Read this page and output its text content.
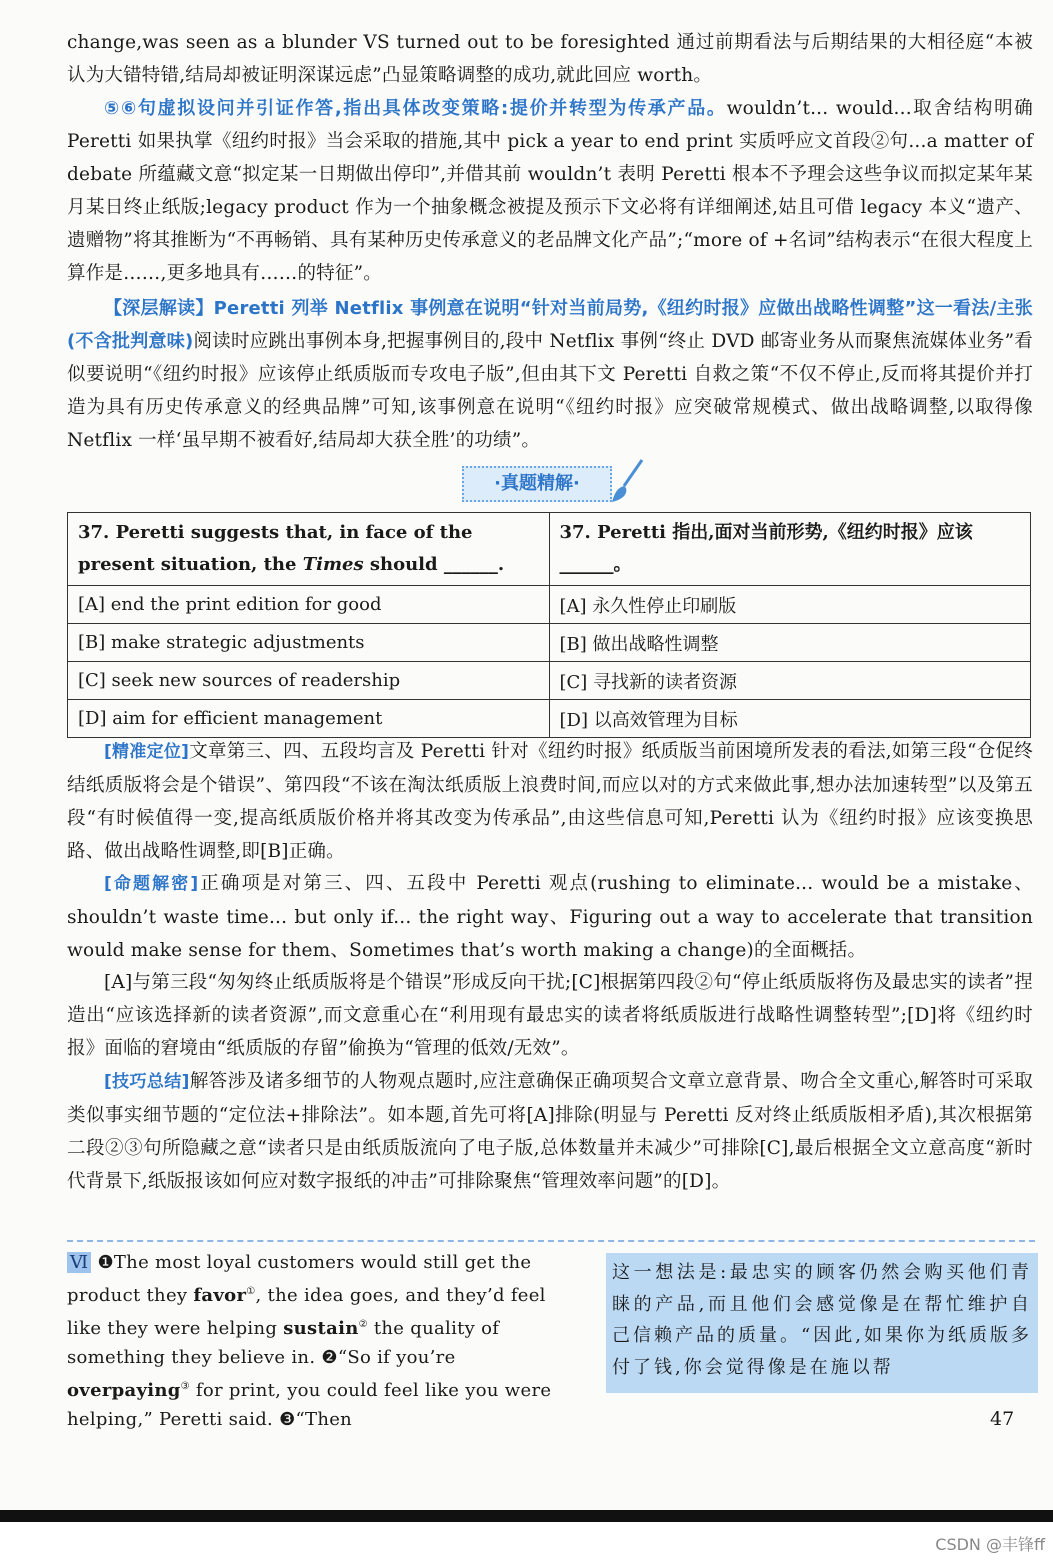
change,was seen as a blunder VS turned out to be foresighted 通过前期看法与后期结果的大相径庭“本被认为大错特错,结局却被证明深谋远虑”凸显策略调整的成功,就此回应 worth。
⑤⑥句虚拟设问并引证作答,指出具体改变策略:提价并转型为传承产品。wouldn’t... would...取舍结构明确 Peretti 如果执掌《纽约时报》当会采取的措施,其中 pick a year to end print 实质呼应文首段②句...a matter of debate 所蕴藏文意“拟定某一日期做出停印”,并借其前 wouldn’t 表明 Peretti 根本不予理会这些争议而拟定某年某月某日终止纸版;legacy product 作为一个抽象概念被提及预示下文必将有详细阐述,姑且可借 legacy 本义“遗产、遗赠物”将其推断为“不再畅销、具有某种历史传承意义的老品牌文化产品”;“more of +名词”结构表示“在很大程度上算作是……,更多地具有……的特征”。
【深层解读】Peretti 列举 Netflix 事例意在说明“针对当前局势,《纽约时报》应做出战略性调整”这一看法/主张(不含批判意味)阅读时应跳出事例本身,把握事例目的,段中 Netflix 事例“终止 DVD 邮寄业务从而聚焦流媒体业务”看似要说明“《纽约时报》应该停止纸质版而专攻电子版”,但由其下文 Peretti 自救之策“不仅不停止,反而将其提价并打造为具有历史传承意义的经典品牌”可知,该事例意在说明“《纽约时报》应突破常规模式、做出战略调整,以取得像 Netflix 一样‘虽早期不被看好,结局却大获全胜’的功绩”。
·真题精解·
37. Peretti suggests that, in face of the present situation, the Times should ______.	37. Peretti 指出,面对当前形势,《纽约时报》应该______。
[A] end the print edition for good	[A] 永久性停止印刷版
[B] make strategic adjustments	[B] 做出战略性调整
[C] seek new sources of readership	[C] 寻找新的读者资源
[D] aim for efficient management	[D] 以高效管理为目标
[精准定位]文章第三、四、五段均言及 Peretti 针对《纽约时报》纸质版当前困境所发表的看法,如第三段“仓促终结纸质版将会是个错误”、第四段“不该在淘汰纸质版上浪费时间,而应以对的方式来做此事,想办法加速转型”以及第五段“有时候值得一变,提高纸质版价格并将其改变为传承品”,由这些信息可知,Peretti 认为《纽约时报》应该变换思路、做出战略性调整,即[B]正确。
[命题解密]正确项是对第三、四、五段中 Peretti 观点(rushing to eliminate... would be a mistake、shouldn’t waste time... but only if... the right way、Figuring out a way to accelerate that transition would make sense for them、Sometimes that’s worth making a change)的全面概括。
[A]与第三段“匆匆终止纸质版将是个错误”形成反向干扰;[C]根据第四段②句“停止纸质版将伤及最忠实的读者”捏造出“应该选择新的读者资源”,而文意重心在“利用现有最忠实的读者将纸质版进行战略性调整转型”;[D]将《纽约时报》面临的窘境由“纸质版的存留”偷换为“管理的低效/无效”。
[技巧总结]解答涉及诸多细节的人物观点题时,应注意确保正确项契合文章立意背景、吻合全文重心,解答时可采取类似事实细节题的“定位法+排除法”。如本题,首先可将[A]排除(明显与 Peretti 反对终止纸质版相矛盾),其次根据第二段②③句所隐藏之意“读者只是由纸质版流向了电子版,总体数量并未减少”可排除[C],最后根据全文立意高度“新时代背景下,纸版报该如何应对数字报纸的冲击”可排除聚焦“管理效率问题”的[D]。
Ⅵ ❶The most loyal customers would still get the product they favor①, the idea goes, and they’d feel like they were helping sustain② the quality of something they believe in. ❷“So if you’re overpaying③ for print, you could feel like you were helping,” Peretti said. ❸“Then
这一想法是:最忠实的顾客仍然会购买他们青睐的产品,而且他们会感觉像是在帮忙维护自己信赖产品的质量。“因此,如果你为纸质版多付了钱,你会觉得像是在施以帮
47
CSDN @丰锋ff
